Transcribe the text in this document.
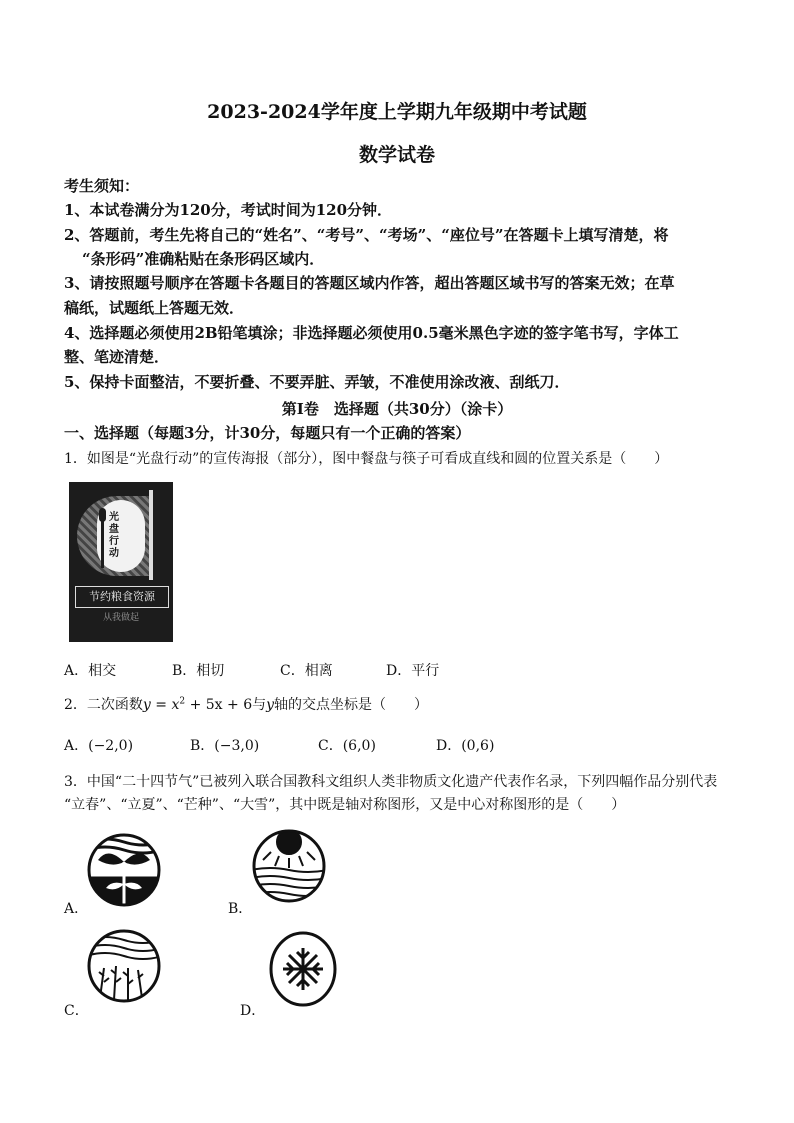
2023-2024学年度上学期九年级期中考试题
数学试卷
考生须知：
1、本试卷满分为120分，考试时间为120分钟．
2、答题前，考生先将自己的“姓名”、“考号”、“考场”、“座位号”在答题卡上填写清楚，将
“条形码”准确粘贴在条形码区域内．
3、请按照题号顺序在答题卡各题目的答题区域内作答，超出答题区域书写的答案无效；在草
稿纸，试题纸上答题无效．
4、选择题必须使用2B铅笔填涂；非选择题必须使用0.5毫米黑色字迹的签字笔书写，字体工
整、笔迹清楚．
5、保持卡面整洁，不要折叠、不要弄脏、弄皱，不准使用涂改液、刮纸刀．
第Ⅰ卷　选择题（共30分）（涂卡）
一、选择题（每题3分，计30分，每题只有一个正确的答案）
1．如图是“光盘行动”的宣传海报（部分），图中餐盘与筷子可看成直线和圆的位置关系是（　　）
光
盘
行
动
节约粮食资源
从我做起
A．相交	B．相切	C．相离	D．平行
2．二次函数$y = x^2 + 5x + 6$与y轴的交点坐标是（　　）
A．(−2,0)	B．(−3,0)	C．(6,0)	D．(0,6)
3．中国“二十四节气”已被列入联合国教科文组织人类非物质文化遗产代表作名录，下列四幅作品分别代表
“立春”、“立夏”、“芒种”、“大雪”，其中既是轴对称图形，又是中心对称图形的是（　　）
A．	B．
C．	D．
